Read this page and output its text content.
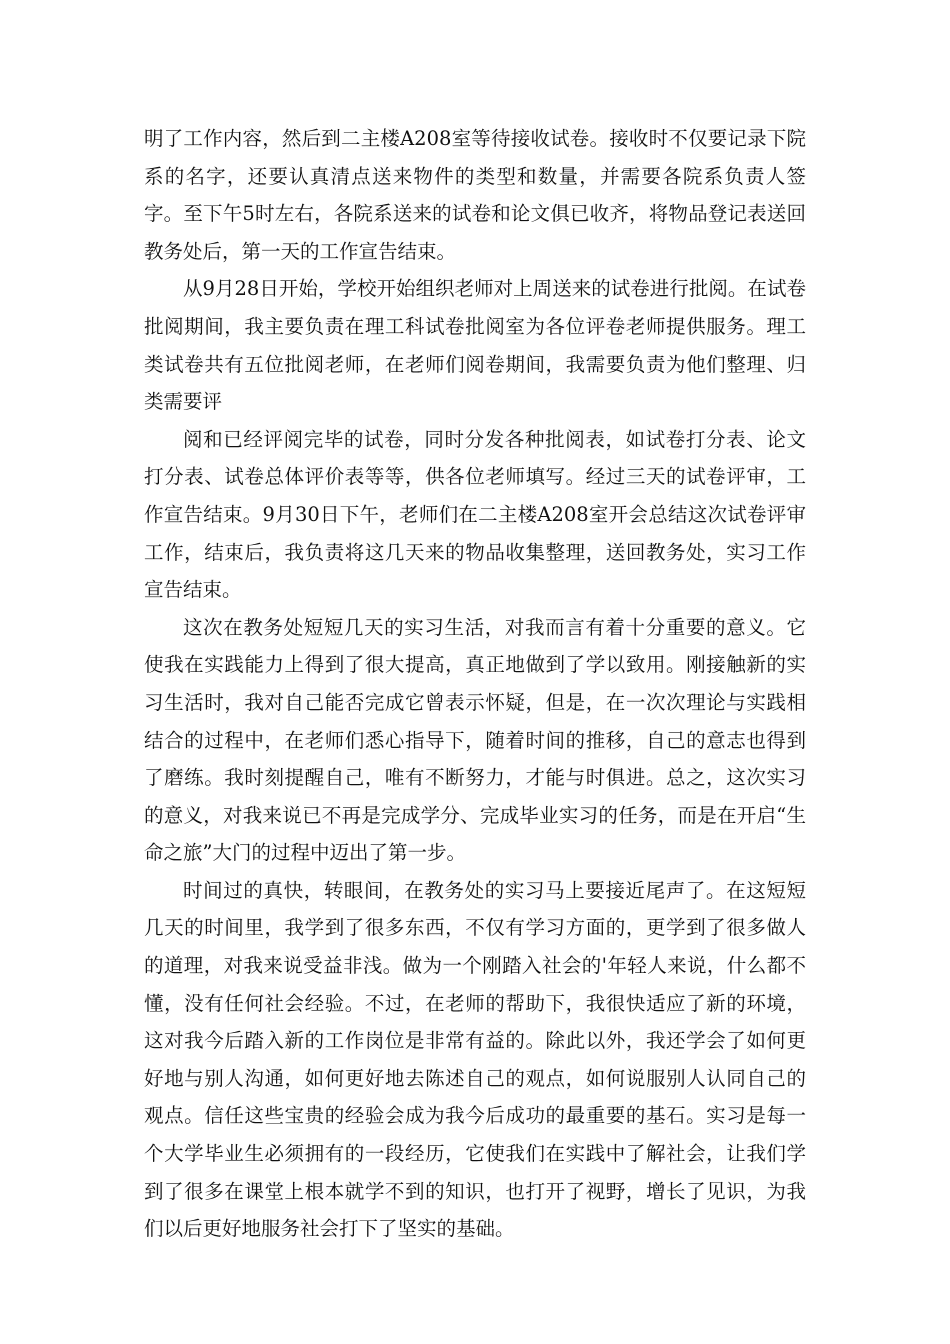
明了工作内容，然后到二主楼A208室等待接收试卷。接收时不仅要记录下院系的名字，还要认真清点送来物件的类型和数量，并需要各院系负责人签字。至下午5时左右，各院系送来的试卷和论文俱已收齐，将物品登记表送回教务处后，第一天的工作宣告结束。

从9月28日开始，学校开始组织老师对上周送来的试卷进行批阅。在试卷批阅期间，我主要负责在理工科试卷批阅室为各位评卷老师提供服务。理工类试卷共有五位批阅老师，在老师们阅卷期间，我需要负责为他们整理、归类需要评

阅和已经评阅完毕的试卷，同时分发各种批阅表，如试卷打分表、论文打分表、试卷总体评价表等等，供各位老师填写。经过三天的试卷评审，工作宣告结束。9月30日下午，老师们在二主楼A208室开会总结这次试卷评审工作，结束后，我负责将这几天来的物品收集整理，送回教务处，实习工作宣告结束。

这次在教务处短短几天的实习生活，对我而言有着十分重要的意义。它使我在实践能力上得到了很大提高，真正地做到了学以致用。刚接触新的实习生活时，我对自己能否完成它曾表示怀疑，但是，在一次次理论与实践相结合的过程中，在老师们悉心指导下，随着时间的推移，自己的意志也得到了磨练。我时刻提醒自己，唯有不断努力，才能与时俱进。总之，这次实习的意义，对我来说已不再是完成学分、完成毕业实习的任务，而是在开启“生命之旅”大门的过程中迈出了第一步。

时间过的真快，转眼间，在教务处的实习马上要接近尾声了。在这短短几天的时间里，我学到了很多东西，不仅有学习方面的，更学到了很多做人的道理，对我来说受益非浅。做为一个刚踏入社会的'年轻人来说，什么都不懂，没有任何社会经验。不过，在老师的帮助下，我很快适应了新的环境，这对我今后踏入新的工作岗位是非常有益的。除此以外，我还学会了如何更好地与别人沟通，如何更好地去陈述自己的观点，如何说服别人认同自己的观点。信任这些宝贵的经验会成为我今后成功的最重要的基石。实习是每一个大学毕业生必须拥有的一段经历，它使我们在实践中了解社会，让我们学到了很多在课堂上根本就学不到的知识，也打开了视野，增长了见识，为我们以后更好地服务社会打下了坚实的基础。
